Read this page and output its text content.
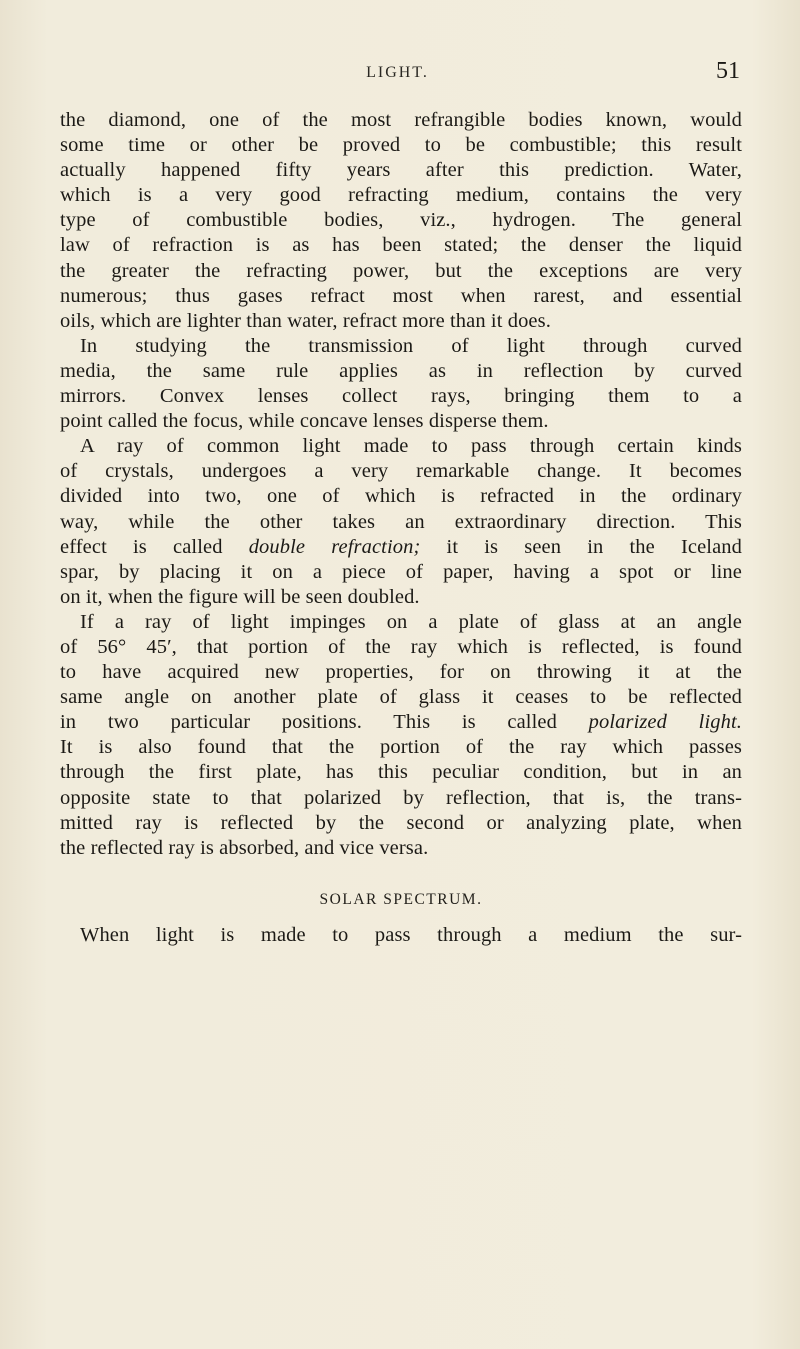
LIGHT.	51
the diamond, one of the most refrangible bodies known, would
some time or other be proved to be combustible; this result
actually happened fifty years after this prediction. Water,
which is a very good refracting medium, contains the very
type of combustible bodies, viz., hydrogen. The general
law of refraction is as has been stated; the denser the liquid
the greater the refracting power, but the exceptions are very
numerous; thus gases refract most when rarest, and essential
oils, which are lighter than water, refract more than it does.
In studying the transmission of light through curved
media, the same rule applies as in reflection by curved
mirrors. Convex lenses collect rays, bringing them to a
point called the focus, while concave lenses disperse them.
A ray of common light made to pass through certain kinds
of crystals, undergoes a very remarkable change. It becomes
divided into two, one of which is refracted in the ordinary
way, while the other takes an extraordinary direction. This
effect is called double refraction; it is seen in the Iceland
spar, by placing it on a piece of paper, having a spot or line
on it, when the figure will be seen doubled.
If a ray of light impinges on a plate of glass at an angle
of 56° 45′, that portion of the ray which is reflected, is found
to have acquired new properties, for on throwing it at the
same angle on another plate of glass it ceases to be reflected
in two particular positions. This is called polarized light.
It is also found that the portion of the ray which passes
through the first plate, has this peculiar condition, but in an
opposite state to that polarized by reflection, that is, the trans-
mitted ray is reflected by the second or analyzing plate, when
the reflected ray is absorbed, and vice versa.
SOLAR SPECTRUM.
When light is made to pass through a medium the sur-
